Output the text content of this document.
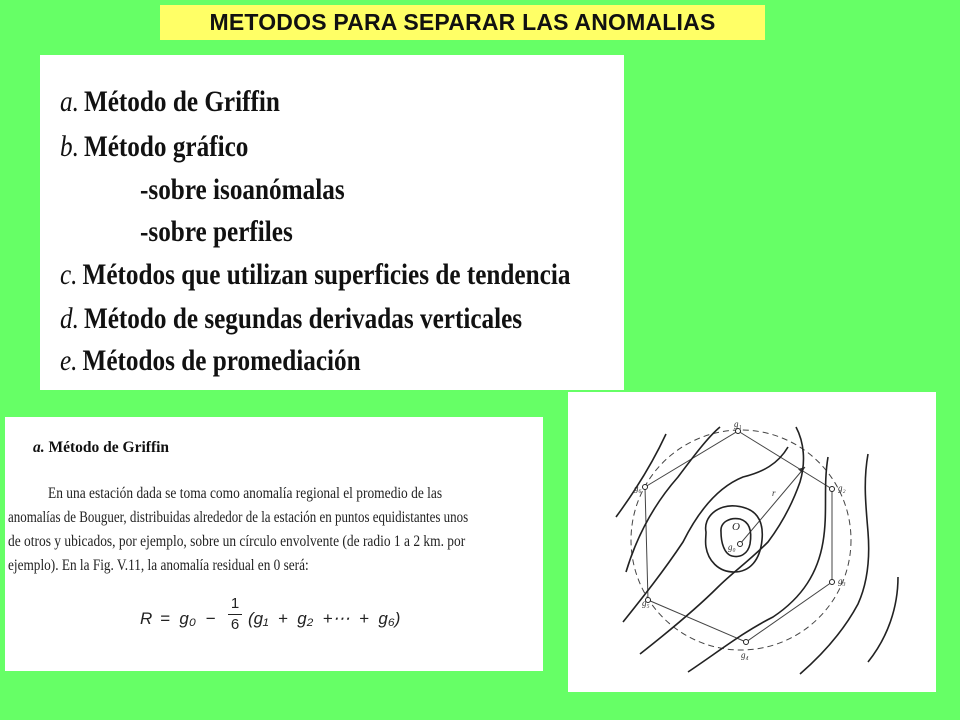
METODOS PARA SEPARAR LAS ANOMALIAS
a. Método de Griffin
b. Método gráfico
-sobre isoanómalas
-sobre perfiles
c. Métodos que utilizan superficies de tendencia
d. Método de segundas derivadas verticales
e. Métodos de promediación
a. Método de Griffin
En una estación dada se toma como anomalía regional el promedio de las
anomalías de Bouguer, distribuidas alrededor de la estación en puntos equidistantes unos
de otros y ubicados, por ejemplo, sobre un círculo envolvente (de radio 1 a 2 km. por
ejemplo). En la Fig. V.11, la anomalía residual en 0 será:
R =  g₀  −
1
6 (g₁  +  g₂  +⋯  +  g₆)
O
g₀
r
g₁
g₂
g₃
g₄
g₅
g₆
